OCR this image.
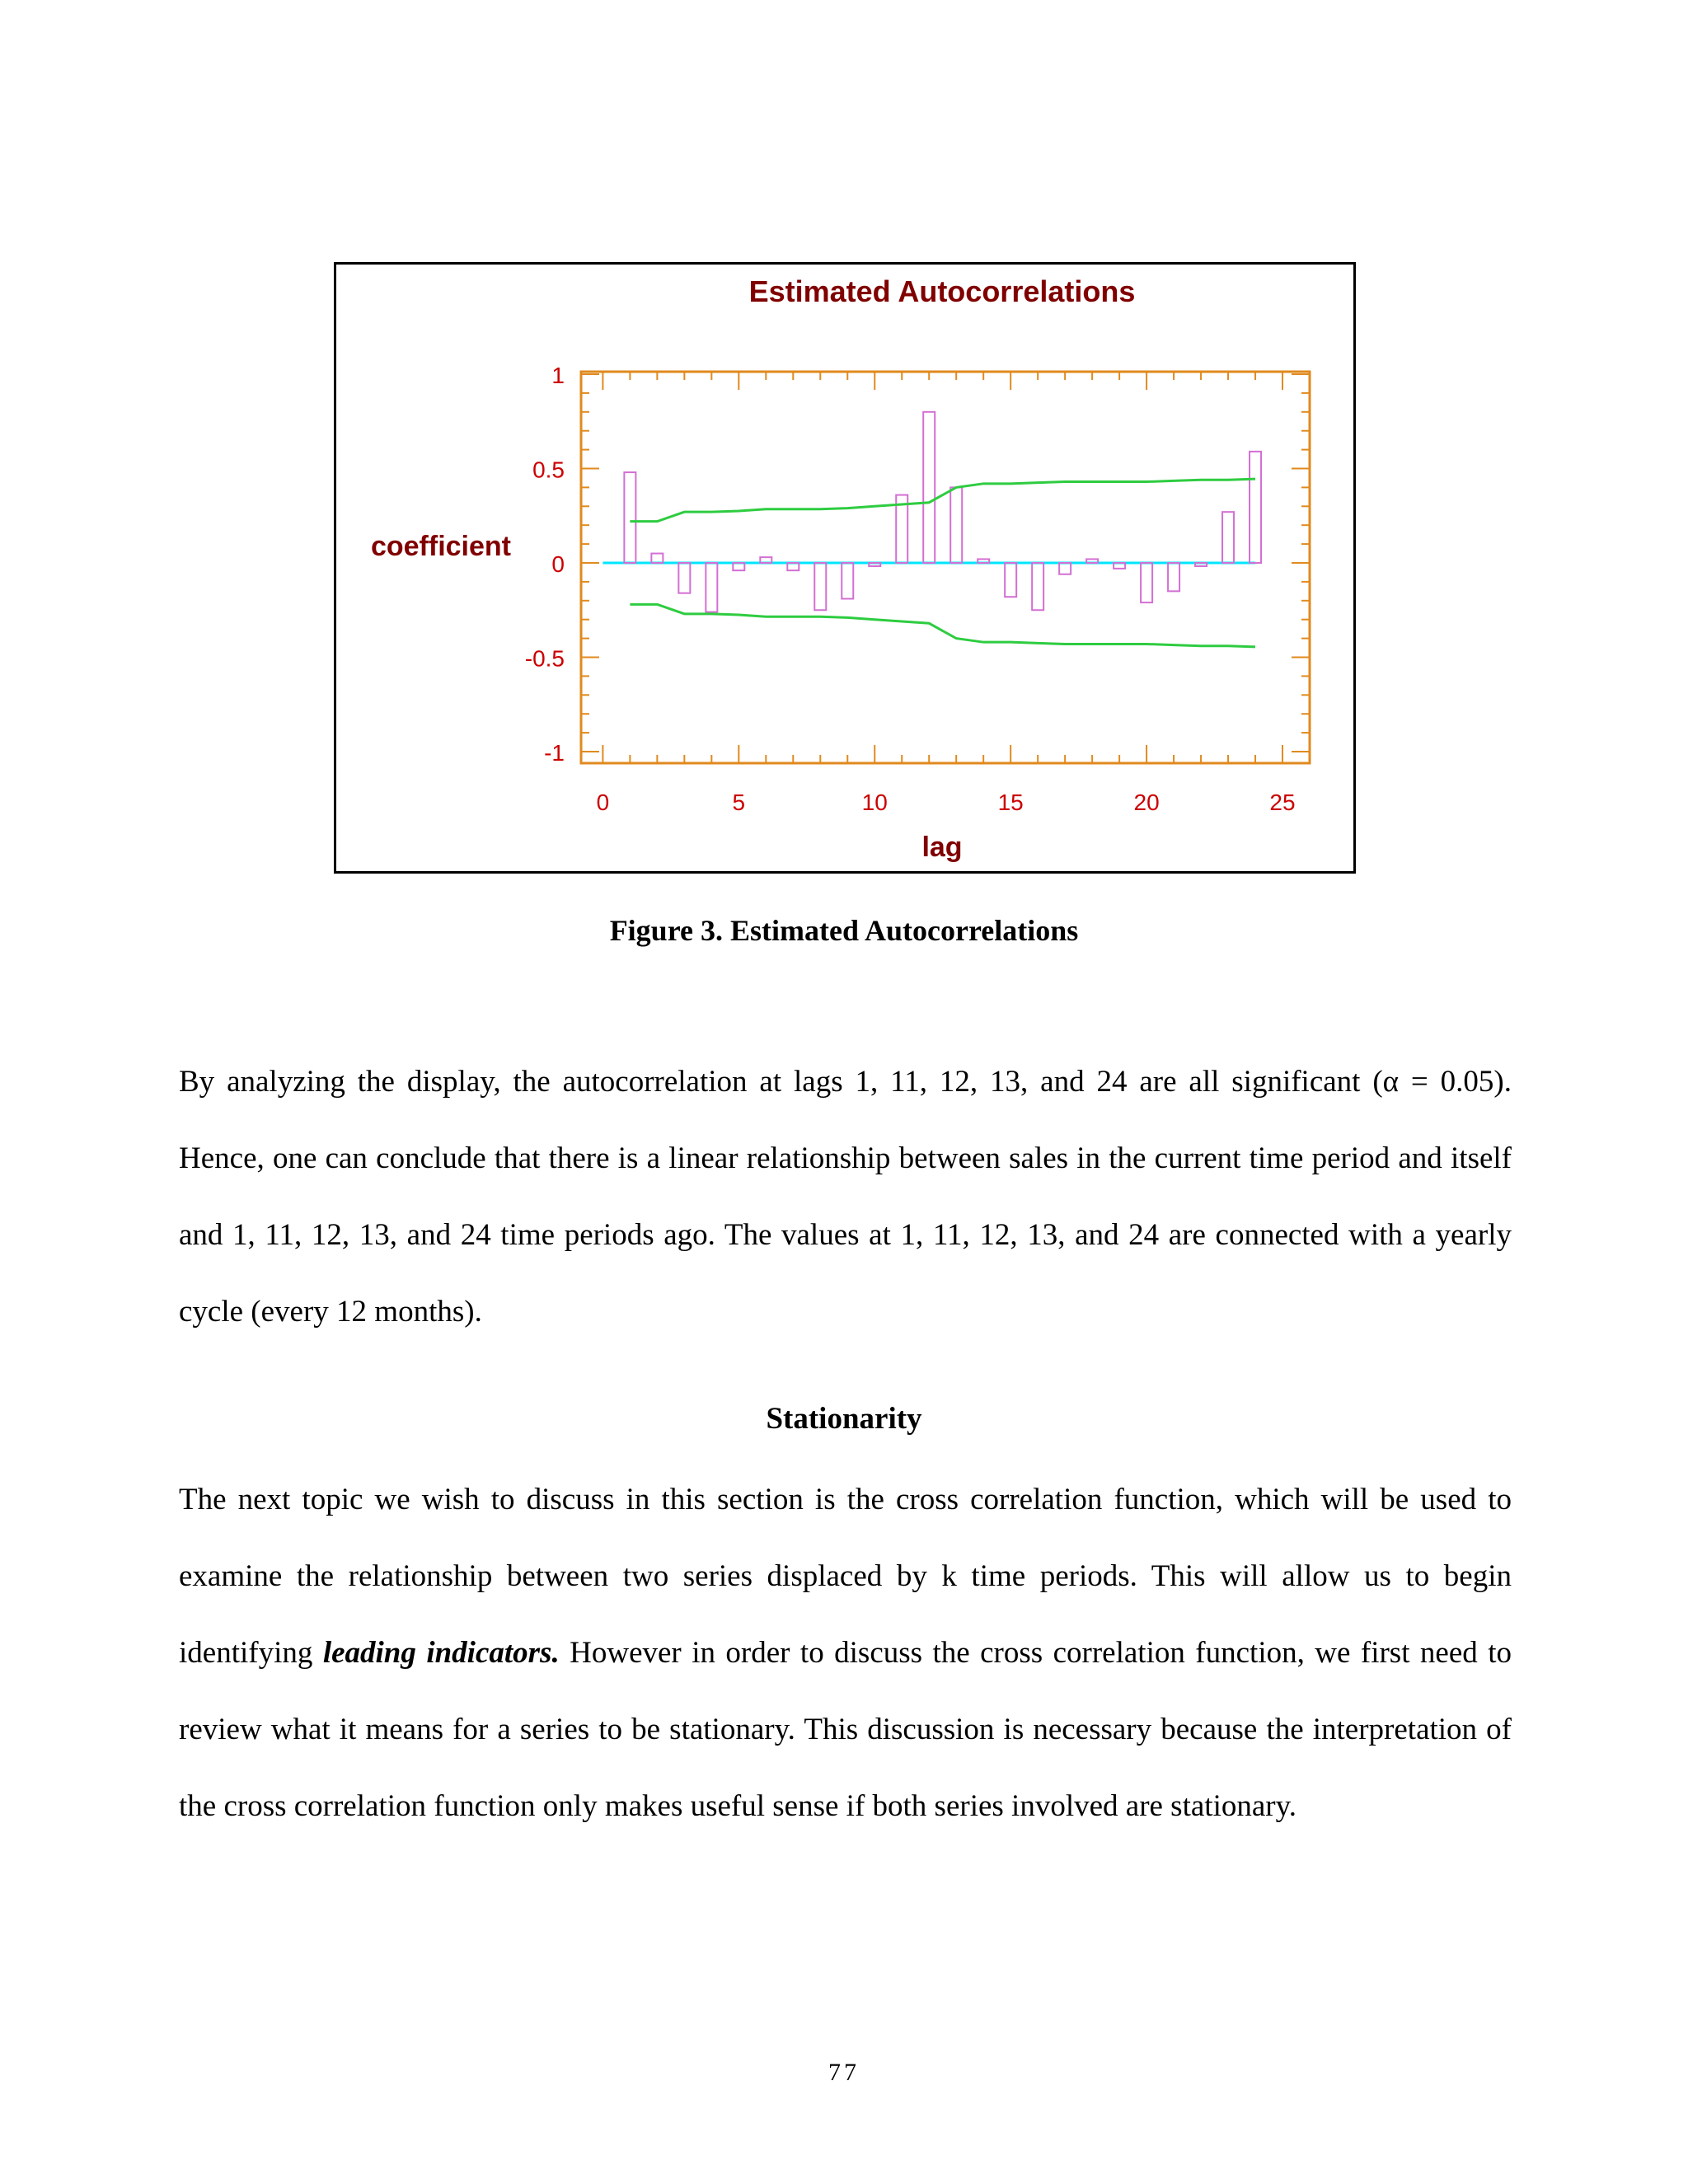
Estimated Autocorrelations
coefficient
lag
1
0.5
0
-0.5
-1
0	5	10	15	20	25
Figure 3. Estimated Autocorrelations

By analyzing the display, the autocorrelation at lags 1, 11, 12, 13, and 24 are all significant (α = 0.05). Hence, one can conclude that there is a linear relationship between sales in the current time period and itself and 1, 11, 12, 13, and 24 time periods ago. The values at 1, 11, 12, 13, and 24 are connected with a yearly cycle (every 12 months).

Stationarity

The next topic we wish to discuss in this section is the cross correlation function, which will be used to examine the relationship between two series displaced by k time periods. This will allow us to begin identifying leading indicators. However in order to discuss the cross correlation function, we first need to review what it means for a series to be stationary. This discussion is necessary because the interpretation of the cross correlation function only makes useful sense if both series involved are stationary.

77
